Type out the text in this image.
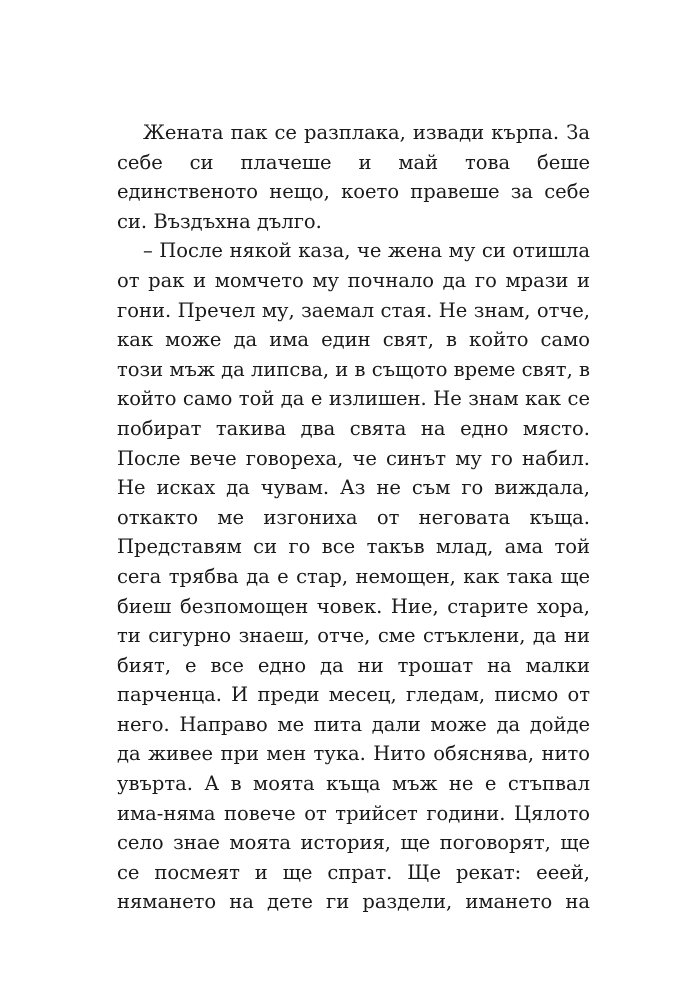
Жената пак се разплака, извади кърпа. За себе си плачеше и май това беше единственото нещо, което правеше за себе си. Въздъхна дълго.

– После някой каза, че жена му си отишла от рак и момчето му почнало да го мрази и гони. Пречел му, заемал стая. Не знам, отче, как може да има един свят, в който само този мъж да липсва, и в същото време свят, в който само той да е излишен. Не знам как се побират такива два свята на едно място. После вече говореха, че синът му го набил. Не исках да чувам. Аз не съм го виждала, откакто ме изгониха от неговата къща. Представям си го все такъв млад, ама той сега трябва да е стар, немощен, как така ще биеш безпомощен човек. Ние, старите хора, ти сигурно знаеш, отче, сме стъклени, да ни бият, е все едно да ни трошат на малки парченца. И преди месец, гледам, писмо от него. Направо ме пита дали може да дойде да живее при мен тука. Нито обяснява, нито увърта. А в моята къща мъж не е стъпвал има-няма повече от трийсет години. Цялото село знае моята история, ще поговорят, ще се посмеят и ще спрат. Ще рекат: ееей, нямането на дете ги раздели, имането на
